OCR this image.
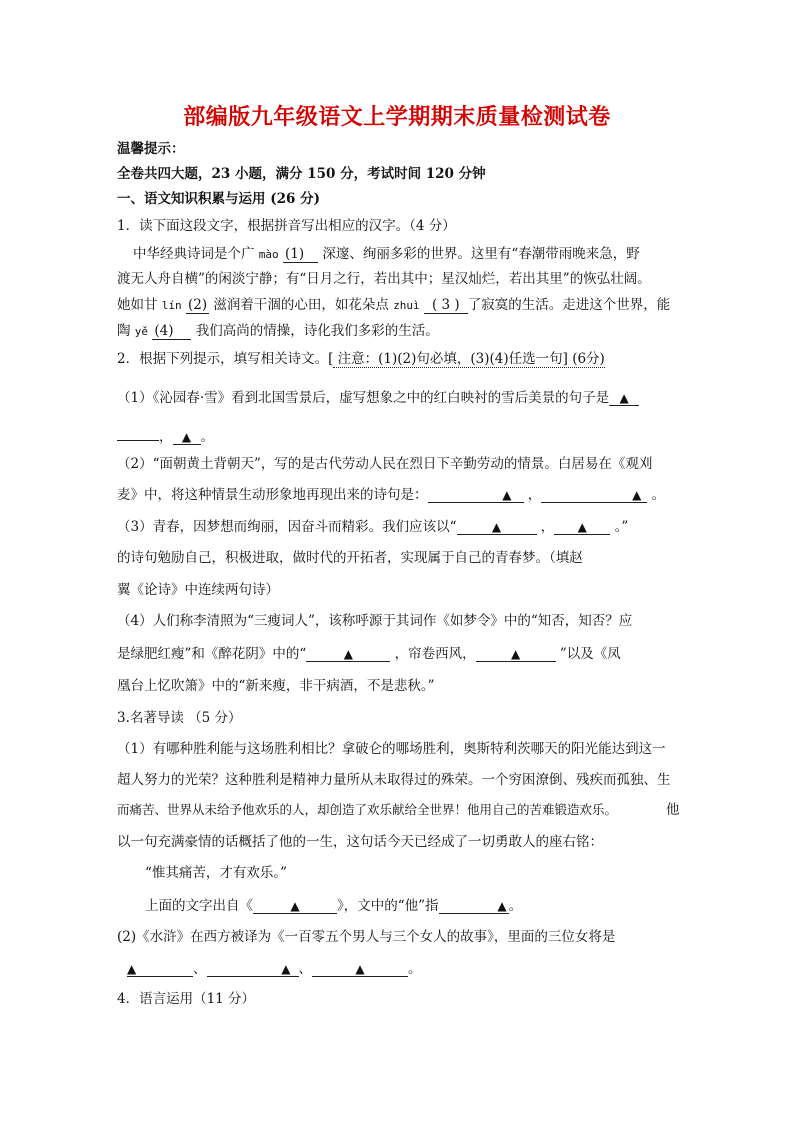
部编版九年级语文上学期期末质量检测试卷
温馨提示：
全卷共四大题，23 小题，满分 150 分，考试时间 120 分钟
一、语文知识积累与运用 (26 分)
1．读下面这段文字，根据拼音写出相应的汉字。（4 分）
中华经典诗词是个广 mào (1) 深邃、绚丽多彩的世界。这里有“春潮带雨晚来急，野
渡无人舟自横”的闲淡宁静；有“日月之行，若出其中；星汉灿烂，若出其里”的恢弘壮阔。
她如甘 lín (2) 滋润着干涸的心田，如花朵点 zhuì ( 3 ) 了寂寞的生活。走进这个世界，能
陶 yě (4) 我们高尚的情操，诗化我们多彩的生活。
2．根据下列提示，填写相关诗文。[ 注意：(1)(2)句必填，(3)(4)任选一句] (6分)
（1）《沁园春·雪》看到北国雪景后，虚写想象之中的红白映衬的雪后美景的句子是 ▲
， ▲ 。
（2）“面朝黄土背朝天”，写的是古代劳动人民在烈日下辛勤劳动的情景。白居易在《观刈
麦》中，将这种情景生动形象地再现出来的诗句是：	▲ ，	▲ 。
（3）青春，因梦想而绚丽，因奋斗而精彩。我们应该以“	▲	， ▲ 。”
的诗句勉励自己，积极进取，做时代的开拓者，实现属于自己的青春梦。（填赵
翼《论诗》中连续两句诗）
（4）人们称李清照为“三瘦词人”，该称呼源于其词作《如梦令》中的“知否，知否？应
是绿肥红瘦”和《醉花阴》中的“	▲	，帘卷西风，	▲	”以及《凤
凰台上忆吹箫》中的“新来瘦，非干病酒，不是悲秋。”
3.名著导读 （5 分）
（1）有哪种胜利能与这场胜利相比？拿破仑的哪场胜利，奥斯特利茨哪天的阳光能达到这一
超人努力的光荣？这种胜利是精神力量所从未取得过的殊荣。一个穷困潦倒、残疾而孤独、生
而痛苦、世界从未给予他欢乐的人，却创造了欢乐献给全世界！他用自己的苦难锻造欢乐。	他
以一句充满豪情的话概括了他的一生，这句话今天已经成了一切勇敢人的座右铭：
“惟其痛苦，才有欢乐。”
上面的文字出自《	▲	》，文中的“他”指	▲ 。
(2)《水浒》在西方被译为《一百零五个男人与三个女人的故事》，里面的三位女将是
▲	、	▲ 、	▲	。
4．语言运用（11 分）
